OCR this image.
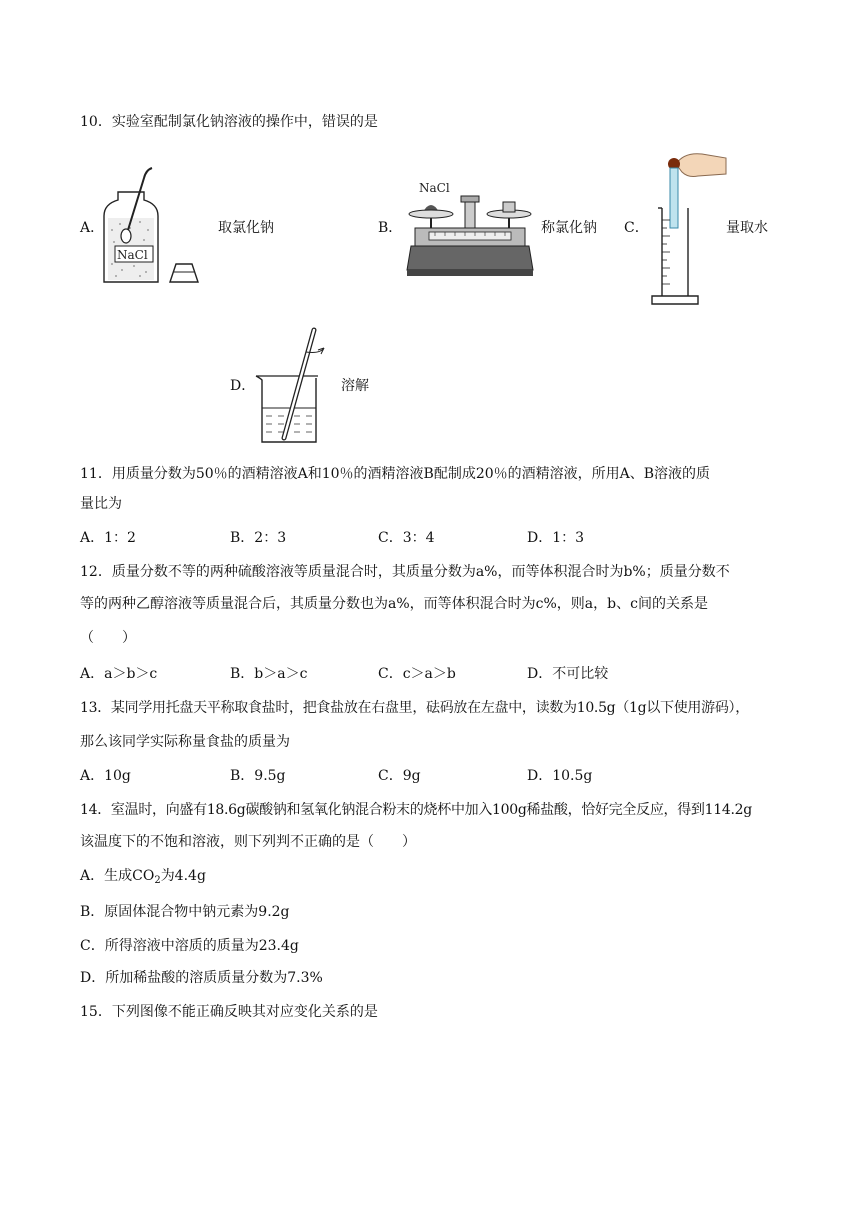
10．实验室配制氯化钠溶液的操作中，错误的是
A．
NaCl
取氯化钠	B．
NaCl
称氯化钠 C．	量取水
D．	溶解
11．用质量分数为50％的酒精溶液A和10％的酒精溶液B配制成20％的酒精溶液，所用A、B溶液的质
量比为
A．1：2	B．2：3	C．3：4	D．1：3
12．质量分数不等的两种硫酸溶液等质量混合时，其质量分数为a%，而等体积混合时为b%；质量分数不
等的两种乙醇溶液等质量混合后，其质量分数也为a%，而等体积混合时为c%，则a，b、c间的关系是
（　　）
A．a＞b＞c	B．b＞a＞c	C．c＞a＞b	D．不可比较
13．某同学用托盘天平称取食盐时，把食盐放在右盘里，砝码放在左盘中，读数为10.5g（1g以下使用游码），
那么该同学实际称量食盐的质量为
A．10g	B．9.5g	C．9g	D．10.5g
14．室温时，向盛有18.6g碳酸钠和氢氧化钠混合粉末的烧杯中加入100g稀盐酸，恰好完全反应，得到114.2g
该温度下的不饱和溶液，则下列判不正确的是（　　）
A．生成$CO_2$为4.4g
B．原固体混合物中钠元素为9.2g
C．所得溶液中溶质的质量为23.4g
D．所加稀盐酸的溶质质量分数为7.3%
15．下列图像不能正确反映其对应变化关系的是
